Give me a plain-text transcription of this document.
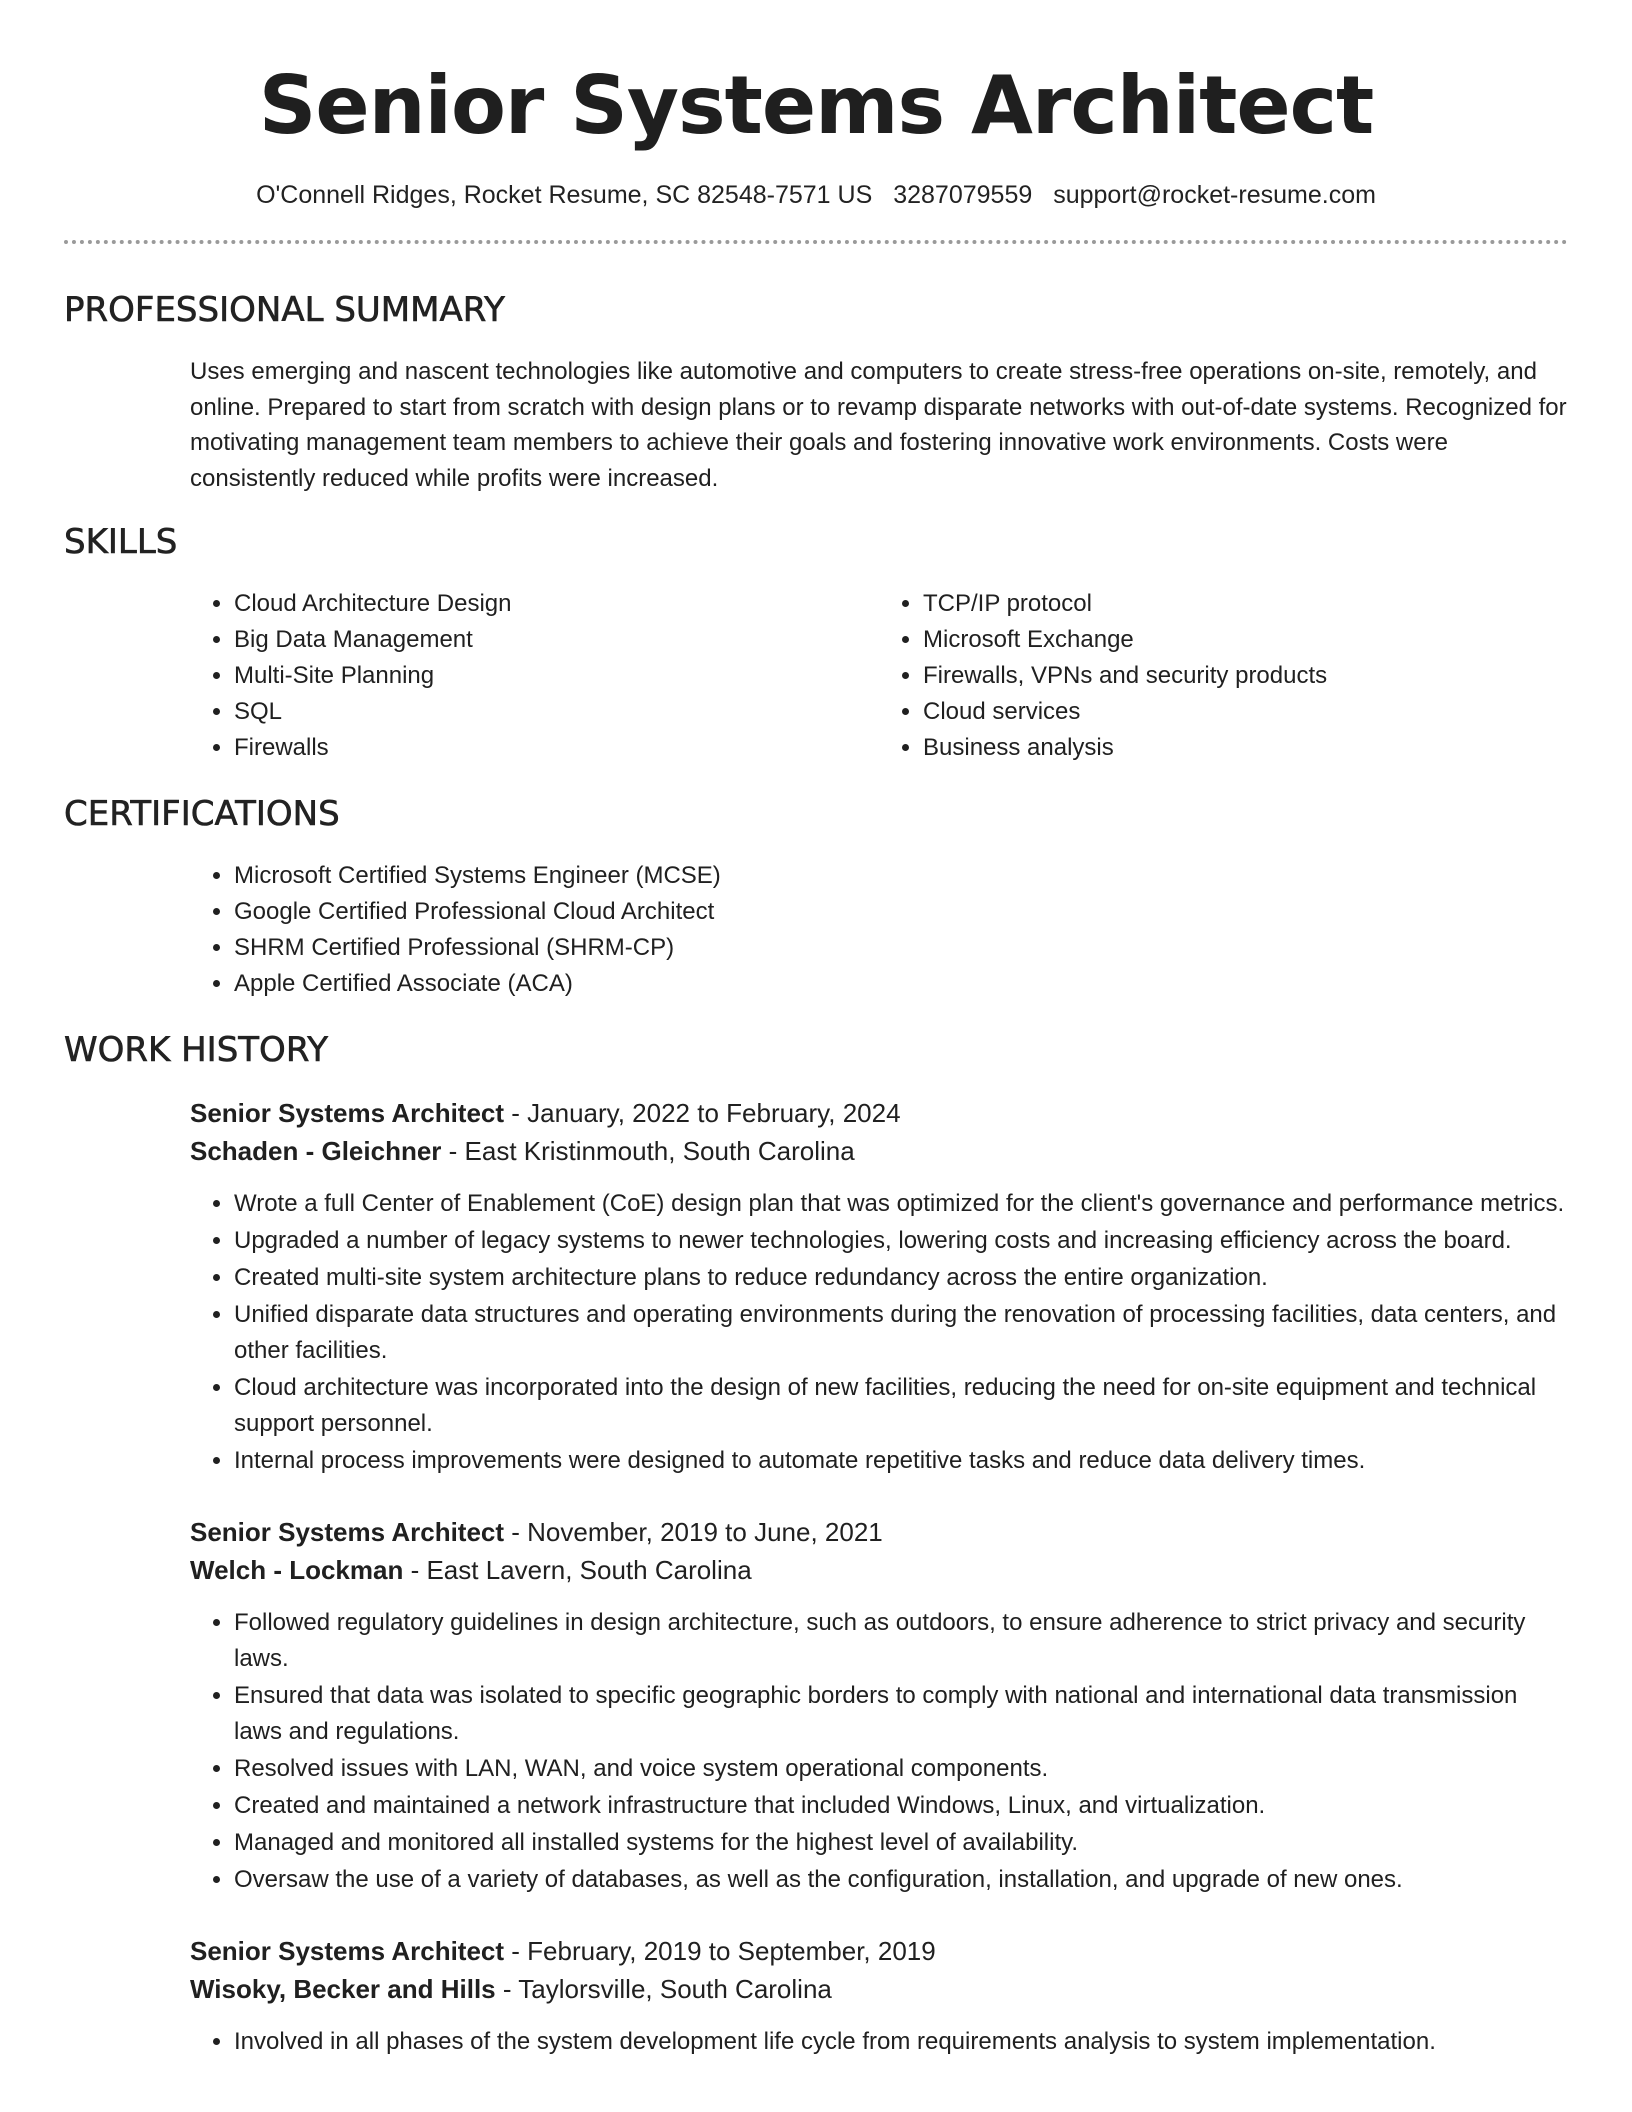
Senior Systems Architect
O'Connell Ridges, Rocket Resume, SC 82548-7571 US 3287079559 support@rocket-resume.com
PROFESSIONAL SUMMARY
Uses emerging and nascent technologies like automotive and computers to create stress-free operations on-site, remotely, and online. Prepared to start from scratch with design plans or to revamp disparate networks with out-of-date systems. Recognized for motivating management team members to achieve their goals and fostering innovative work environments. Costs were consistently reduced while profits were increased.
SKILLS
• Cloud Architecture Design
• Big Data Management
• Multi-Site Planning
• SQL
• Firewalls
• TCP/IP protocol
• Microsoft Exchange
• Firewalls, VPNs and security products
• Cloud services
• Business analysis
CERTIFICATIONS
• Microsoft Certified Systems Engineer (MCSE)
• Google Certified Professional Cloud Architect
• SHRM Certified Professional (SHRM-CP)
• Apple Certified Associate (ACA)
WORK HISTORY
Senior Systems Architect - January, 2022 to February, 2024
Schaden - Gleichner - East Kristinmouth, South Carolina
• Wrote a full Center of Enablement (CoE) design plan that was optimized for the client's governance and performance metrics.
• Upgraded a number of legacy systems to newer technologies, lowering costs and increasing efficiency across the board.
• Created multi-site system architecture plans to reduce redundancy across the entire organization.
• Unified disparate data structures and operating environments during the renovation of processing facilities, data centers, and other facilities.
• Cloud architecture was incorporated into the design of new facilities, reducing the need for on-site equipment and technical support personnel.
• Internal process improvements were designed to automate repetitive tasks and reduce data delivery times.
Senior Systems Architect - November, 2019 to June, 2021
Welch - Lockman - East Lavern, South Carolina
• Followed regulatory guidelines in design architecture, such as outdoors, to ensure adherence to strict privacy and security laws.
• Ensured that data was isolated to specific geographic borders to comply with national and international data transmission laws and regulations.
• Resolved issues with LAN, WAN, and voice system operational components.
• Created and maintained a network infrastructure that included Windows, Linux, and virtualization.
• Managed and monitored all installed systems for the highest level of availability.
• Oversaw the use of a variety of databases, as well as the configuration, installation, and upgrade of new ones.
Senior Systems Architect - February, 2019 to September, 2019
Wisoky, Becker and Hills - Taylorsville, South Carolina
• Involved in all phases of the system development life cycle from requirements analysis to system implementation.
